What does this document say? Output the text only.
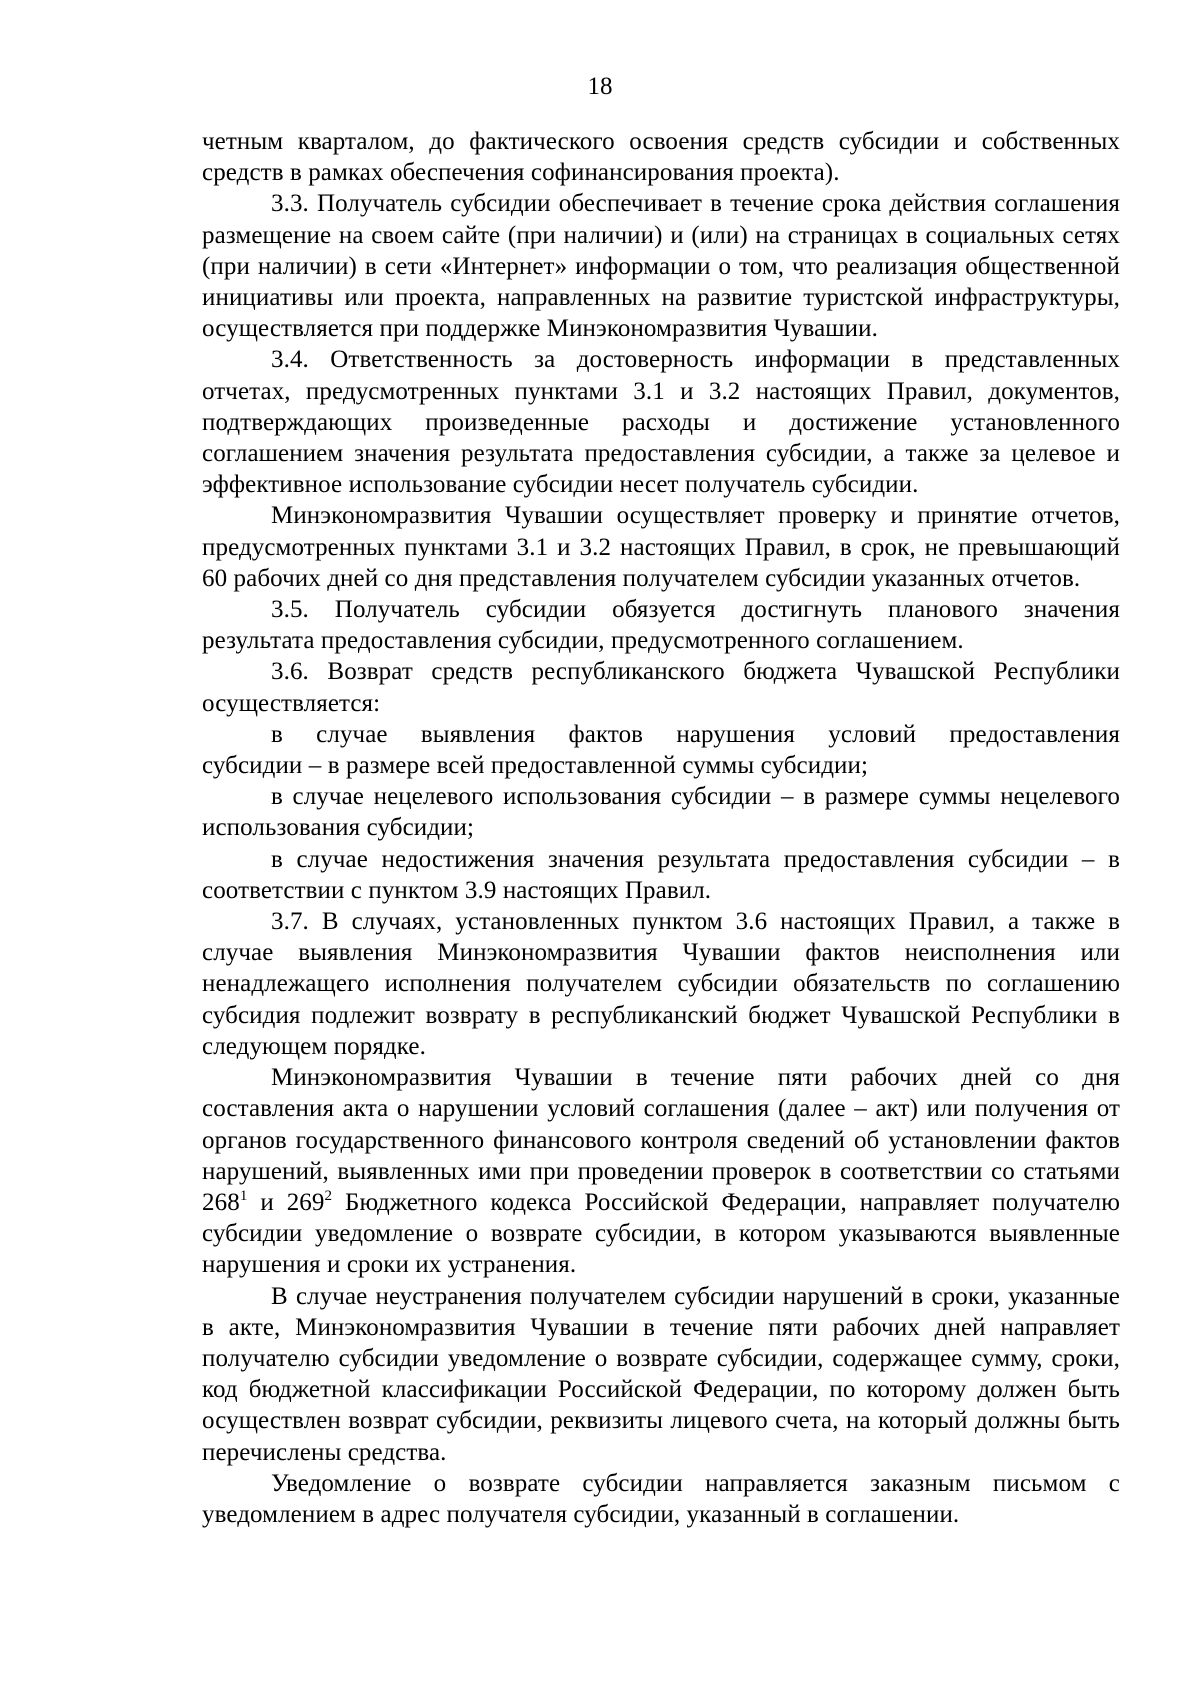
18

четным кварталом, до фактического освоения средств субсидии и собственных средств в рамках обеспечения софинансирования проекта).

3.3. Получатель субсидии обеспечивает в течение срока действия соглашения размещение на своем сайте (при наличии) и (или) на страницах в социальных сетях (при наличии) в сети «Интернет» информации о том, что реализация общественной инициативы или проекта, направленных на развитие туристской инфраструктуры, осуществляется при поддержке Минэкономразвития Чувашии.

3.4. Ответственность за достоверность информации в представленных отчетах, предусмотренных пунктами 3.1 и 3.2 настоящих Правил, документов, подтверждающих произведенные расходы и достижение установленного соглашением значения результата предоставления субсидии, а также за целевое и эффективное использование субсидии несет получатель субсидии.

Минэкономразвития Чувашии осуществляет проверку и принятие отчетов, предусмотренных пунктами 3.1 и 3.2 настоящих Правил, в срок, не превышающий 60 рабочих дней со дня представления получателем субсидии указанных отчетов.

3.5. Получатель субсидии обязуется достигнуть планового значения результата предоставления субсидии, предусмотренного соглашением.

3.6. Возврат средств республиканского бюджета Чувашской Республики осуществляется:

в случае выявления фактов нарушения условий предоставления

субсидии – в размере всей предоставленной суммы субсидии;

в случае нецелевого использования субсидии – в размере суммы нецелевого использования субсидии;

в случае недостижения значения результата предоставления субсидии – в соответствии с пунктом 3.9 настоящих Правил.

3.7. В случаях, установленных пунктом 3.6 настоящих Правил, а также в случае выявления Минэкономразвития Чувашии фактов неисполнения или ненадлежащего исполнения получателем субсидии обязательств по соглашению субсидия подлежит возврату в республиканский бюджет Чувашской Республики в следующем порядке.

Минэкономразвития Чувашии в течение пяти рабочих дней со дня составления акта о нарушении условий соглашения (далее – акт) или получения от органов государственного финансового контроля сведений об установлении фактов нарушений, выявленных ими при проведении проверок в соответствии со статьями $268^1$ и $269^2$ Бюджетного кодекса Российской Федерации, направляет получателю субсидии уведомление о возврате субсидии, в котором указываются выявленные нарушения и сроки их устранения.

В случае неустранения получателем субсидии нарушений в сроки, указанные в акте, Минэкономразвития Чувашии в течение пяти рабочих дней направляет получателю субсидии уведомление о возврате субсидии, содержащее сумму, сроки, код бюджетной классификации Российской Федерации, по которому должен быть осуществлен возврат субсидии, реквизиты лицевого счета, на который должны быть перечислены средства.

Уведомление о возврате субсидии направляется заказным письмом с уведомлением в адрес получателя субсидии, указанный в соглашении.
